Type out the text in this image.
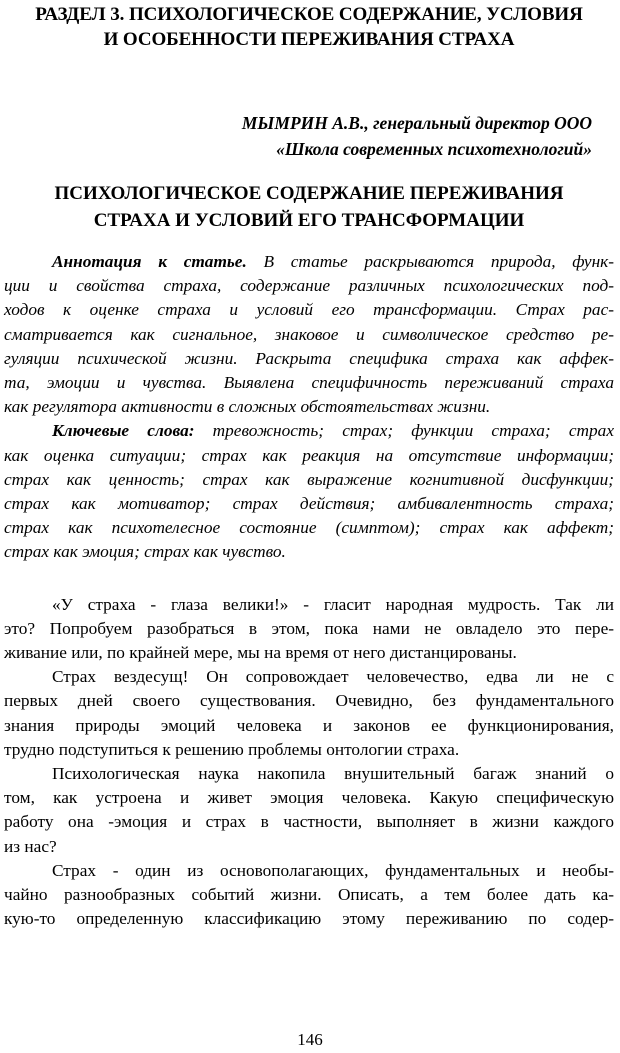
РАЗДЕЛ 3. ПСИХОЛОГИЧЕСКОЕ СОДЕРЖАНИЕ, УСЛОВИЯ
И ОСОБЕННОСТИ ПЕРЕЖИВАНИЯ СТРАХА
МЫМРИН А.В., генеральный директор ООО
«Школа современных психотехнологий»
ПСИХОЛОГИЧЕСКОЕ СОДЕРЖАНИЕ ПЕРЕЖИВАНИЯ
СТРАХА И УСЛОВИЙ ЕГО ТРАНСФОРМАЦИИ

Аннотация к статье. В статье раскрываются природа, функ-

ции и свойства страха, содержание различных психологических под-

ходов к оценке страха и условий его трансформации. Страх рас-

сматривается как сигнальное, знаковое и символическое средство ре-

гуляции психической жизни. Раскрыта специфика страха как аффек-

та, эмоции и чувства. Выявлена специфичность переживаний страха

как регулятора активности в сложных обстоятельствах жизни.

Ключевые слова: тревожность; страх; функции страха; страх

как оценка ситуации; страх как реакция на отсутствие информации;

страх как ценность; страх как выражение когнитивной дисфункции;

страх как мотиватор; страх действия; амбивалентность страха;

страх как психотелесное состояние (симптом); страх как аффект;

страх как эмоция; страх как чувство.

«У страха - глаза велики!» - гласит народная мудрость. Так ли

это? Попробуем разобраться в этом, пока нами не овладело это пере-

живание или, по крайней мере, мы на время от него дистанцированы.

Страх вездесущ! Он сопровождает человечество, едва ли не с

первых дней своего существования. Очевидно, без фундаментального

знания природы эмоций человека и законов ее функционирования,

трудно подступиться к решению проблемы онтологии страха.

Психологическая наука накопила внушительный багаж знаний о

том, как устроена и живет эмоция человека. Какую специфическую

работу она -эмоция и страх в частности, выполняет в жизни каждого

из нас?

Страх - один из основополагающих, фундаментальных и необы-

чайно разнообразных событий жизни. Описать, а тем более дать ка-

кую-то определенную классификацию этому переживанию по содер-

146
